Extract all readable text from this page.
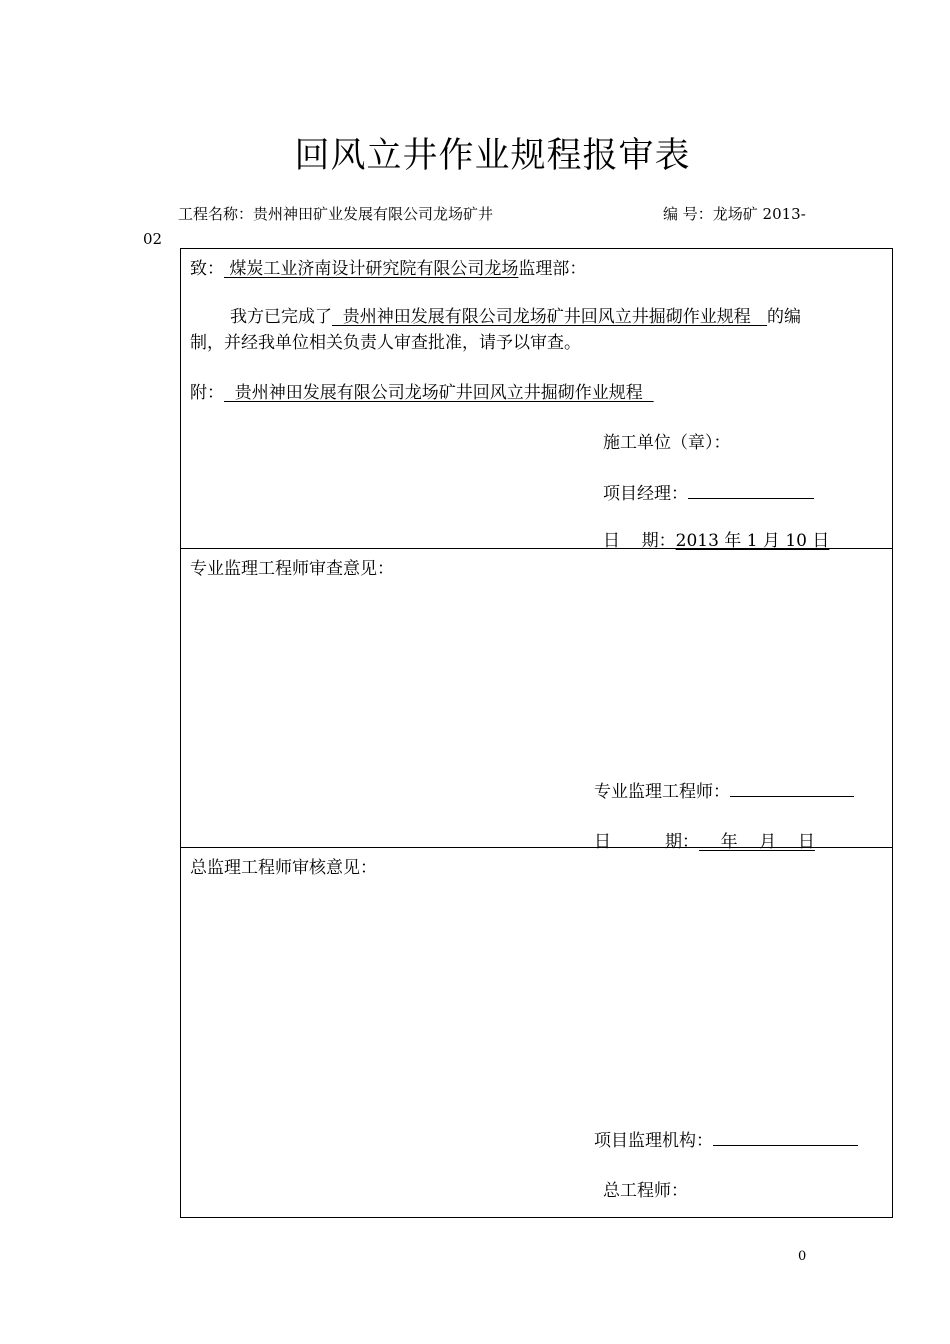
回风立井作业规程报审表
工程名称：贵州神田矿业发展有限公司龙场矿井	编 号：龙场矿 2013-
02
致： 煤炭工业济南设计研究院有限公司龙场监理部：
我方已完成了  贵州神田发展有限公司龙场矿井回风立井掘砌作业规程   的编
制，并经我单位相关负责人审查批准，请予以审查。
附：  贵州神田发展有限公司龙场矿井回风立井掘砌作业规程
施工单位（章）：
项目经理：
日    期：2013 年 1 月 10 日
专业监理工程师审查意见：
专业监理工程师：
日          期：    年    月    日
总监理工程师审核意见：
项目监理机构：
总工程师：
0
